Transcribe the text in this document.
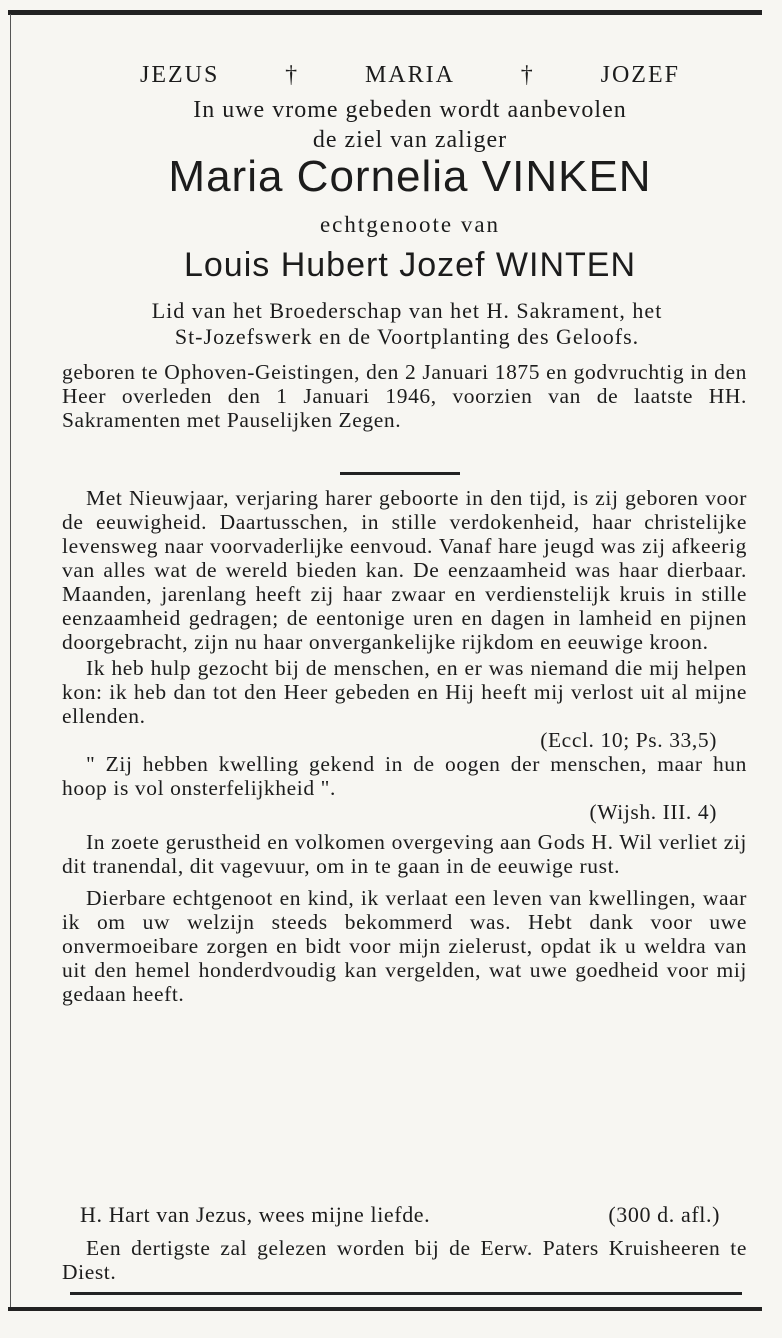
JEZUS	†	MARIA	†	JOZEF
In uwe vrome gebeden wordt aanbevolen
de ziel van zaliger
Maria Cornelia VINKEN
echtgenoote van
Louis Hubert Jozef WINTEN
Lid van het Broederschap van het H. Sakrament, het
St-Jozefswerk en de Voortplanting des Geloofs.
geboren te Ophoven-Geistingen, den 2 Januari 1875 en godvruchtig in den Heer overleden den 1 Januari 1946, voorzien van de laatste HH. Sakramenten met Pauselijken Zegen.

Met Nieuwjaar, verjaring harer geboorte in den tijd, is zij geboren voor de eeuwigheid. Daartusschen, in stille verdokenheid, haar christelijke levensweg naar voorvaderlijke eenvoud. Vanaf hare jeugd was zij afkeerig van alles wat de wereld bieden kan. De eenzaamheid was haar dierbaar. Maanden, jarenlang heeft zij haar zwaar en verdienstelijk kruis in stille eenzaamheid gedragen; de eentonige uren en dagen in lamheid en pijnen doorgebracht, zijn nu haar onvergankelijke rijkdom en eeuwige kroon.

Ik heb hulp gezocht bij de menschen, en er was niemand die mij helpen kon: ik heb dan tot den Heer gebeden en Hij heeft mij verlost uit al mijne ellenden.

(Eccl. 10; Ps. 33,5)

" Zij hebben kwelling gekend in de oogen der menschen, maar hun hoop is vol onsterfelijkheid ".

(Wijsh. III. 4)

In zoete gerustheid en volkomen overgeving aan Gods H. Wil verliet zij dit tranendal, dit vagevuur, om in te gaan in de eeuwige rust.

Dierbare echtgenoot en kind, ik verlaat een leven van kwellingen, waar ik om uw welzijn steeds bekommerd was. Hebt dank voor uwe onvermoeibare zorgen en bidt voor mijn zielerust, opdat ik u weldra van uit den hemel honderdvoudig kan vergelden, wat uwe goedheid voor mij gedaan heeft.

H. Hart van Jezus, wees mijne liefde.	(300 d. afl.)
Een dertigste zal gelezen worden bij de Eerw. Paters Kruisheeren te Diest.
